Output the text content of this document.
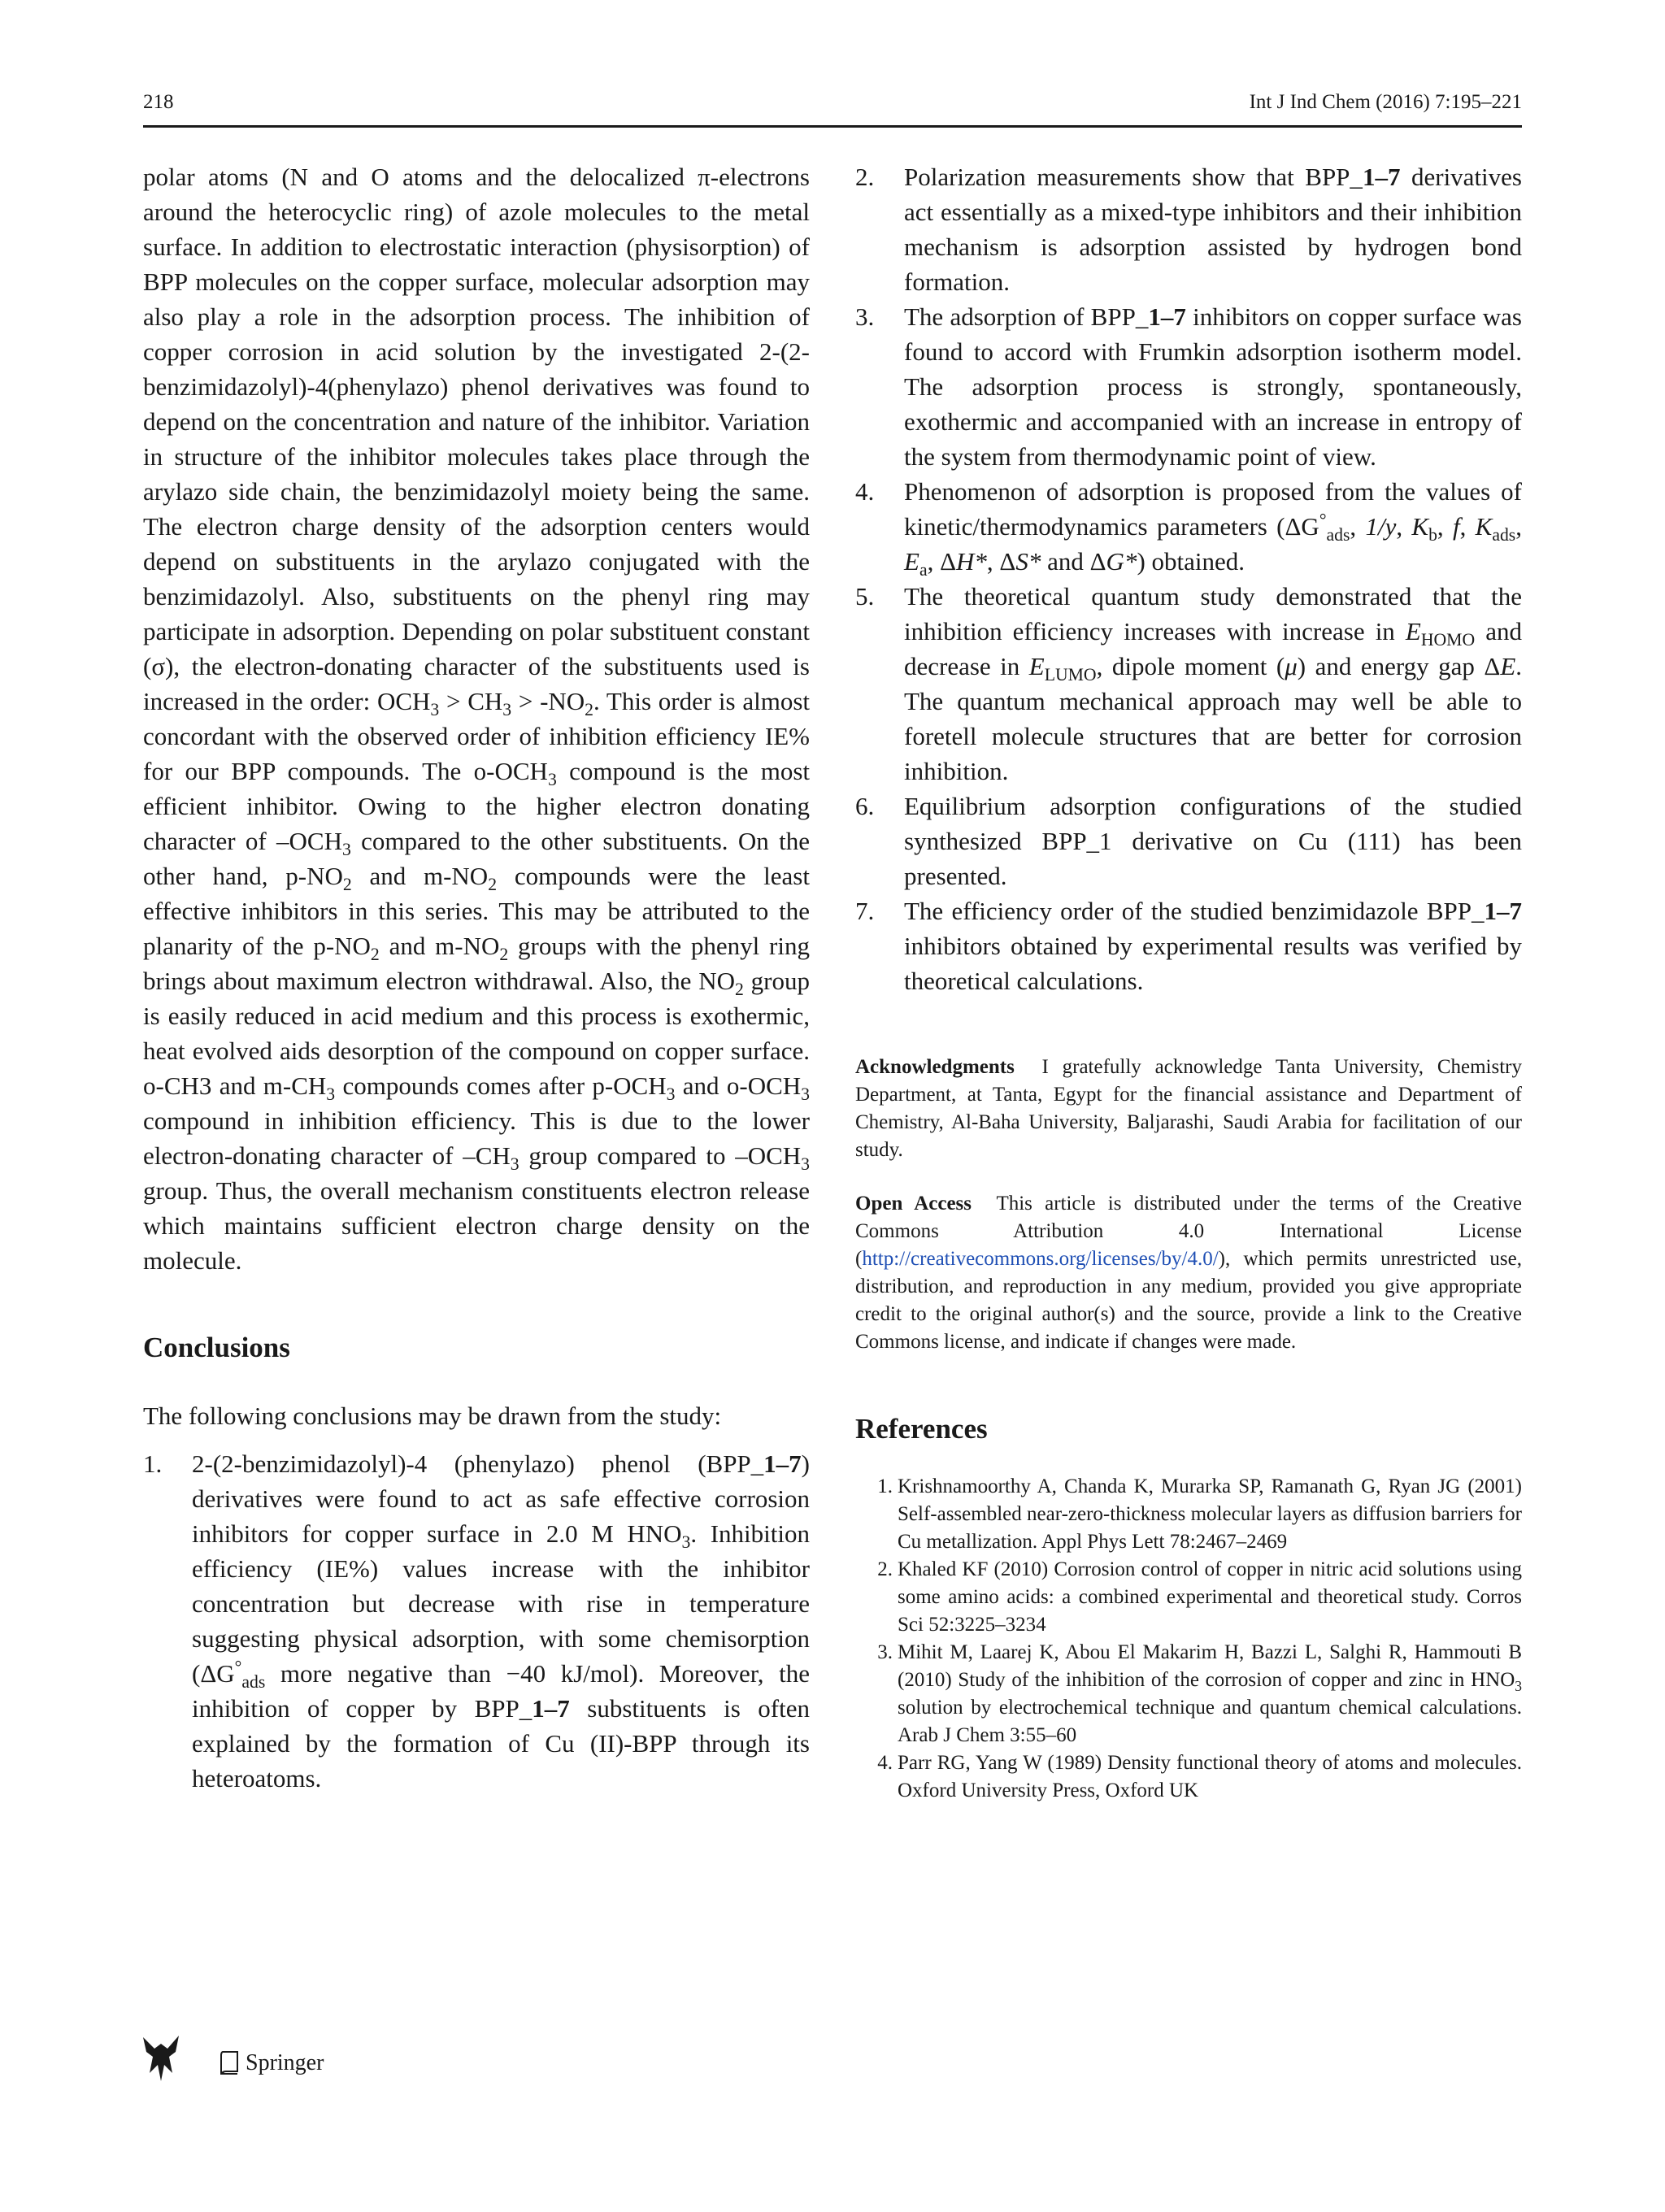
218	Int J Ind Chem (2016) 7:195–221

polar atoms (N and O atoms and the delocalized π-electrons around the heterocyclic ring) of azole molecules to the metal surface. In addition to electrostatic interaction (physisorption) of BPP molecules on the copper surface, molecular adsorption may also play a role in the adsorption process. The inhibition of copper corrosion in acid solution by the investigated 2-(2-benzimidazolyl)-4(phenylazo) phenol derivatives was found to depend on the concentration and nature of the inhibitor. Variation in structure of the inhibitor molecules takes place through the arylazo side chain, the benzimidazolyl moiety being the same. The electron charge density of the adsorption centers would depend on substituents in the arylazo conjugated with the benzimidazolyl. Also, substituents on the phenyl ring may participate in adsorption. Depending on polar substituent constant (σ), the electron-donating character of the substituents used is increased in the order: $OCH_3 > CH_3 > -NO_2$. This order is almost concordant with the observed order of inhibition efficiency IE% for our BPP compounds. The $o-OCH_3$ compound is the most efficient inhibitor. Owing to the higher electron donating character of $-OCH_3$ compared to the other substituents. On the other hand, $p-NO_2$ and $m-NO_2$ compounds were the least effective inhibitors in this series. This may be attributed to the planarity of the $p-NO_2$ and $m-NO_2$ groups with the phenyl ring brings about maximum electron withdrawal. Also, the $NO_2$ group is easily reduced in acid medium and this process is exothermic, heat evolved aids desorption of the compound on copper surface. o-CH3 and $m-CH_3$ compounds comes after $p-OCH_3$ and $o-OCH_3$ compound in inhibition efficiency. This is due to the lower electron-donating character of $-CH_3$ group compared to $-OCH_3$ group. Thus, the overall mechanism constituents electron release which maintains sufficient electron charge density on the molecule.

Conclusions

The following conclusions may be drawn from the study:

1. 2-(2-benzimidazolyl)-4 (phenylazo) phenol (BPP_1–7) derivatives were found to act as safe effective corrosion inhibitors for copper surface in 2.0 M $HNO_3$. Inhibition efficiency (IE%) values increase with the inhibitor concentration but decrease with rise in temperature suggesting physical adsorption, with some chemisorption ($\Delta G^\circ_{ads}$ more negative than −40 kJ/mol). Moreover, the inhibition of copper by BPP_1–7 substituents is often explained by the formation of Cu (II)-BPP through its heteroatoms.
2. Polarization measurements show that BPP_1–7 derivatives act essentially as a mixed-type inhibitors and their inhibition mechanism is adsorption assisted by hydrogen bond formation.
3. The adsorption of BPP_1–7 inhibitors on copper surface was found to accord with Frumkin adsorption isotherm model. The adsorption process is strongly, spontaneously, exothermic and accompanied with an increase in entropy of the system from thermodynamic point of view.
4. Phenomenon of adsorption is proposed from the values of kinetic/thermodynamics parameters ($\Delta G^\circ_{ads}$, 1/y, $K_b$, f, $K_{ads}$, $E_a$, ΔH*, ΔS* and ΔG*) obtained.
5. The theoretical quantum study demonstrated that the inhibition efficiency increases with increase in $E_{HOMO}$ and decrease in $E_{LUMO}$, dipole moment (μ) and energy gap ΔE. The quantum mechanical approach may well be able to foretell molecule structures that are better for corrosion inhibition.
6. Equilibrium adsorption configurations of the studied synthesized BPP_1 derivative on Cu (111) has been presented.
7. The efficiency order of the studied benzimidazole BPP_1–7 inhibitors obtained by experimental results was verified by theoretical calculations.

Acknowledgments I gratefully acknowledge Tanta University, Chemistry Department, at Tanta, Egypt for the financial assistance and Department of Chemistry, Al-Baha University, Baljarashi, Saudi Arabia for facilitation of our study.

Open Access This article is distributed under the terms of the Creative Commons Attribution 4.0 International License (http://creativecommons.org/licenses/by/4.0/), which permits unrestricted use, distribution, and reproduction in any medium, provided you give appropriate credit to the original author(s) and the source, provide a link to the Creative Commons license, and indicate if changes were made.

References
1. Krishnamoorthy A, Chanda K, Murarka SP, Ramanath G, Ryan JG (2001) Self-assembled near-zero-thickness molecular layers as diffusion barriers for Cu metallization. Appl Phys Lett 78:2467–2469
2. Khaled KF (2010) Corrosion control of copper in nitric acid solutions using some amino acids: a combined experimental and theoretical study. Corros Sci 52:3225–3234
3. Mihit M, Laarej K, Abou El Makarim H, Bazzi L, Salghi R, Hammouti B (2010) Study of the inhibition of the corrosion of copper and zinc in $HNO_3$ solution by electrochemical technique and quantum chemical calculations. Arab J Chem 3:55–60
4. Parr RG, Yang W (1989) Density functional theory of atoms and molecules. Oxford University Press, Oxford UK
Springer
